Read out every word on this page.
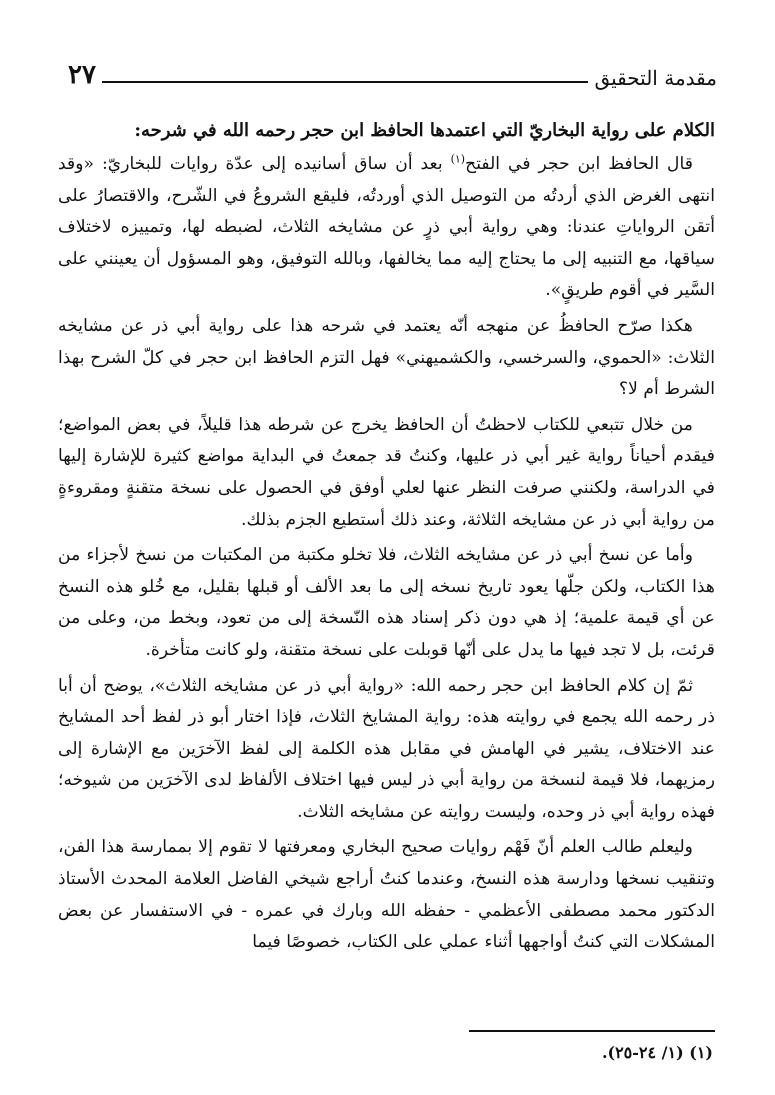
مقدمة التحقيق
٢٧
الكلام على رواية البخاريّ التي اعتمدها الحافظ ابن حجر رحمه الله في شرحه:

قال الحافظ ابن حجر في الفتح$^{(١)}$ بعد أن ساق أسانيده إلى عدّة روايات للبخاريّ: «وقد انتهى الغرض الذي أردتُه من التوصيل الذي أوردتُه، فليقع الشروعُ في الشّرح، والاقتصارُ على أتقن الرواياتِ عندنا: وهي رواية أبي ذرٍ عن مشايخه الثلاث، لضبطه لها، وتمييزه لاختلاف سياقها، مع التنبيه إلى ما يحتاج إليه مما يخالفها، وبالله التوفيق، وهو المسؤول أن يعينني على السَّير في أقوم طريقٍ».

هكذا صرّح الحافظُ عن منهجه أنّه يعتمد في شرحه هذا على رواية أبي ذر عن مشايخه الثلاث: «الحموي، والسرخسي، والكشميهني» فهل التزم الحافظ ابن حجر في كلّ الشرح بهذا الشرط أم لا؟

من خلال تتبعي للكتاب لاحظتُ أن الحافظ يخرج عن شرطه هذا قليلاً، في بعض المواضع؛ فيقدم أحياناً رواية غير أبي ذر عليها، وكنتُ قد جمعتُ في البداية مواضع كثيرة للإشارة إليها في الدراسة، ولكنني صرفت النظر عنها لعلي أوفق في الحصول على نسخة متقنةٍ ومقروءةٍ من رواية أبي ذر عن مشايخه الثلاثة، وعند ذلك أستطيع الجزم بذلك.

وأما عن نسخ أبي ذر عن مشايخه الثلاث، فلا تخلو مكتبة من المكتبات من نسخ لأجزاء من هذا الكتاب، ولكن جلّها يعود تاريخ نسخه إلى ما بعد الألف أو قبلها بقليل، مع خُلو هذه النسخ عن أي قيمة علمية؛ إذ هي دون ذكر إسناد هذه النّسخة إلى من تعود، وبخط من، وعلى من قرئت، بل لا تجد فيها ما يدل على أنّها قوبلت على نسخة متقنة، ولو كانت متأخرة.

ثمّ إن كلام الحافظ ابن حجر رحمه الله: «رواية أبي ذر عن مشايخه الثلاث»، يوضح أن أبا ذر رحمه الله يجمع في روايته هذه: رواية المشايخ الثلاث، فإذا اختار أبو ذر لفظ أحد المشايخ عند الاختلاف، يشير في الهامش في مقابل هذه الكلمة إلى لفظ الآخرَين مع الإشارة إلى رمزيهما، فلا قيمة لنسخة من رواية أبي ذر ليس فيها اختلاف الألفاظ لدى الآخرَين من شيوخه؛ فهذه رواية أبي ذر وحده، وليست روايته عن مشايخه الثلاث.

وليعلم طالب العلم أنّ فَهْم روايات صحيح البخاري ومعرفتها لا تقوم إلا بممارسة هذا الفن، وتنقيب نسخها ودارسة هذه النسخ، وعندما كنتُ أراجع شيخي الفاضل العلامة المحدث الأستاذ الدكتور محمد مصطفى الأعظمي - حفظه الله وبارك في عمره - في الاستفسار عن بعض المشكلات التي كنتُ أواجهها أثناء عملي على الكتاب، خصوصًا فيما

(١) (١/ ٢٤-٢٥).
